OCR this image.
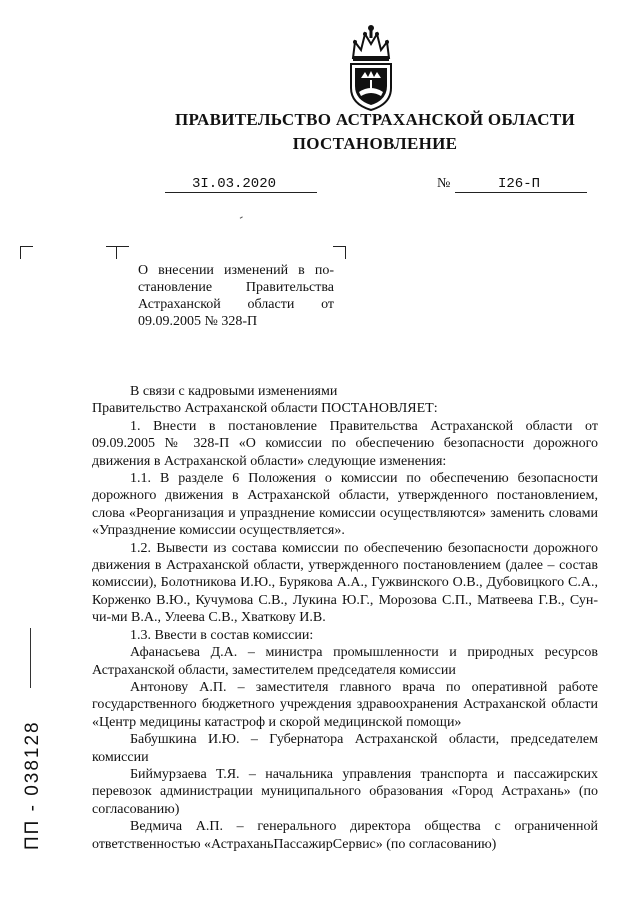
ПРАВИТЕЛЬСТВО АСТРАХАНСКОЙ ОБЛАСТИ
ПОСТАНОВЛЕНИЕ
3I.03.2020	№	I26-П

О внесении изменений в по-

становление Правительства

Астраханской области от

09.09.2005 № 328-П

В связи с кадровыми изменениями

Правительство Астраханской области ПОСТАНОВЛЯЕТ:

1. Внести в постановление Правительства Астраханской области от 09.09.2005 № 328-П «О комиссии по обеспечению безопасности дорожного движения в Астраханской области» следующие изменения:

1.1. В разделе 6 Положения о комиссии по обеспечению безопасности дорожного движения в Астраханской области, утвержденного постановлением, слова «Реорганизация и упразднение комиссии осуществляются» заменить словами «Упразднение комиссии осуществляется».

1.2. Вывести из состава комиссии по обеспечению безопасности дорожного движения в Астраханской области, утвержденного постановлением (далее – состав комиссии), Болотникова И.Ю., Бурякова А.А., Гужвинского О.В., Дубовицкого С.А., Корженко В.Ю., Кучумова С.В., Лукина Ю.Г., Морозова С.П., Матвеева Г.В., Сун-чи-ми В.А., Улеева С.В., Хваткову И.В.

1.3. Ввести в состав комиссии:

Афанасьева Д.А. – министра промышленности и природных ресурсов Астраханской области, заместителем председателя комиссии

Антонову А.П. – заместителя главного врача по оперативной работе государственного бюджетного учреждения здравоохранения Астраханской области «Центр медицины катастроф и скорой медицинской помощи»

Бабушкина И.Ю. – Губернатора Астраханской области, председателем комиссии

Биймурзаева Т.Я. – начальника управления транспорта и пассажирских перевозок администрации муниципального образования «Город Астрахань» (по согласованию)

Ведмича А.П. – генерального директора общества с ограниченной ответственностью «АстраханьПассажирСервис» (по согласованию)

ПП - 038128
